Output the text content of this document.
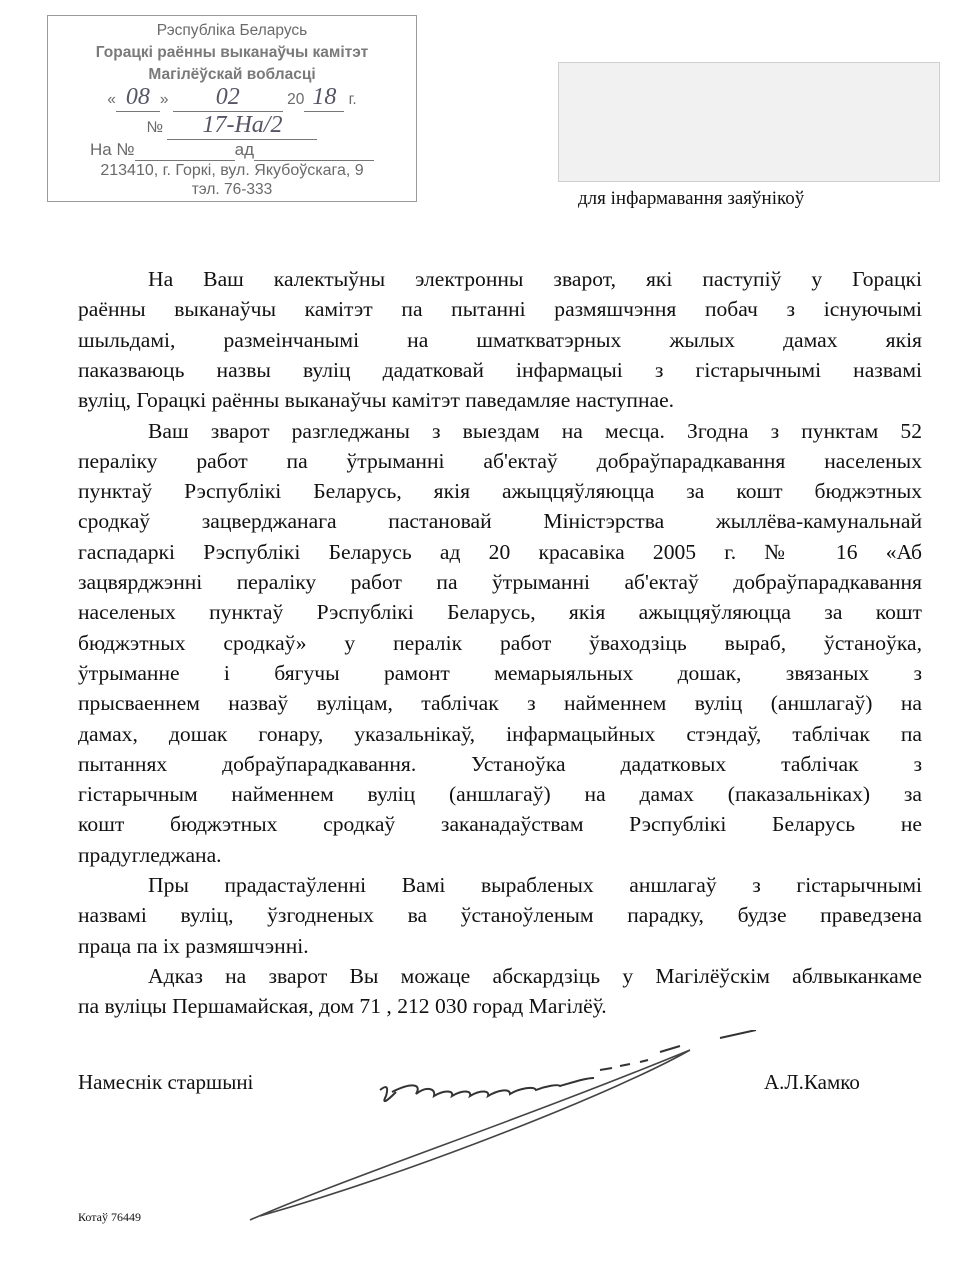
Рэспубліка Беларусь
Горацкі раённы выканаўчы камітэт
Магілёўскай вобласці
« 08 » 02	20 18 г.
№ 17-На/2
На №	ад
213410, г. Горкі, вул. Якубоўскага, 9
тэл. 76-333	для інфармавання заяўнікоў
На Ваш калектыўны электронны зварот, які паступіў у Горацкі
раённы выканаўчы камітэт па пытанні размяшчэння побач з існуючымі
шыльдамі, размеінчанымі на шматкватэрных жылых дамах якія
паказваюць назвы вуліц дадатковай інфармацыі з гістарычнымі назвамі
вуліц, Горацкі раённы выканаўчы камітэт паведамляе наступнае.
Ваш зварот разгледжаны з выездам на месца. Згодна з пунктам 52
пераліку работ па ўтрыманні аб'ектаў добраўпарадкавання населеных
пунктаў Рэспублікі Беларусь, якія ажыццяўляюцца за кошт бюджэтных
сродкаў зацверджанага пастановай Міністэрства жыллёва-камунальнай
гаспадаркі Рэспублікі Беларусь ад 20 красавіка 2005 г. № 16 «Аб
зацвярджэнні пераліку работ па ўтрыманні аб'ектаў добраўпарадкавання
населеных пунктаў Рэспублікі Беларусь, якія ажыццяўляюцца за кошт
бюджэтных сродкаў» у пералік работ ўваходзіць выраб, ўстаноўка,
ўтрыманне і бягучы рамонт мемарыяльных дошак, звязаных з
прысваеннем назваў вуліцам, таблічак з найменнем вуліц (аншлагаў) на
дамах, дошак гонару, указальнікаў, інфармацыйных стэндаў, таблічак па
пытаннях добраўпарадкавання. Устаноўка дадатковых таблічак з
гістарычным найменнем вуліц (аншлагаў) на дамах (паказальніках) за
кошт бюджэтных сродкаў заканадаўствам Рэспублікі Беларусь не
прадугледжана.
Пры прадастаўленні Вамі вырабленых аншлагаў з гістарычнымі
назвамі вуліц, ўзгодненых ва ўстаноўленым парадку, будзе праведзена
праца па іх размяшчэнні.
Адказ на зварот Вы можаце абскардзіць у Магілёўскім аблвыканкаме
па вуліцы Першамайская, дом 71 , 212 030 горад Магілёў.
Намеснік старшыні	А.Л.Камко
Котаў 76449
